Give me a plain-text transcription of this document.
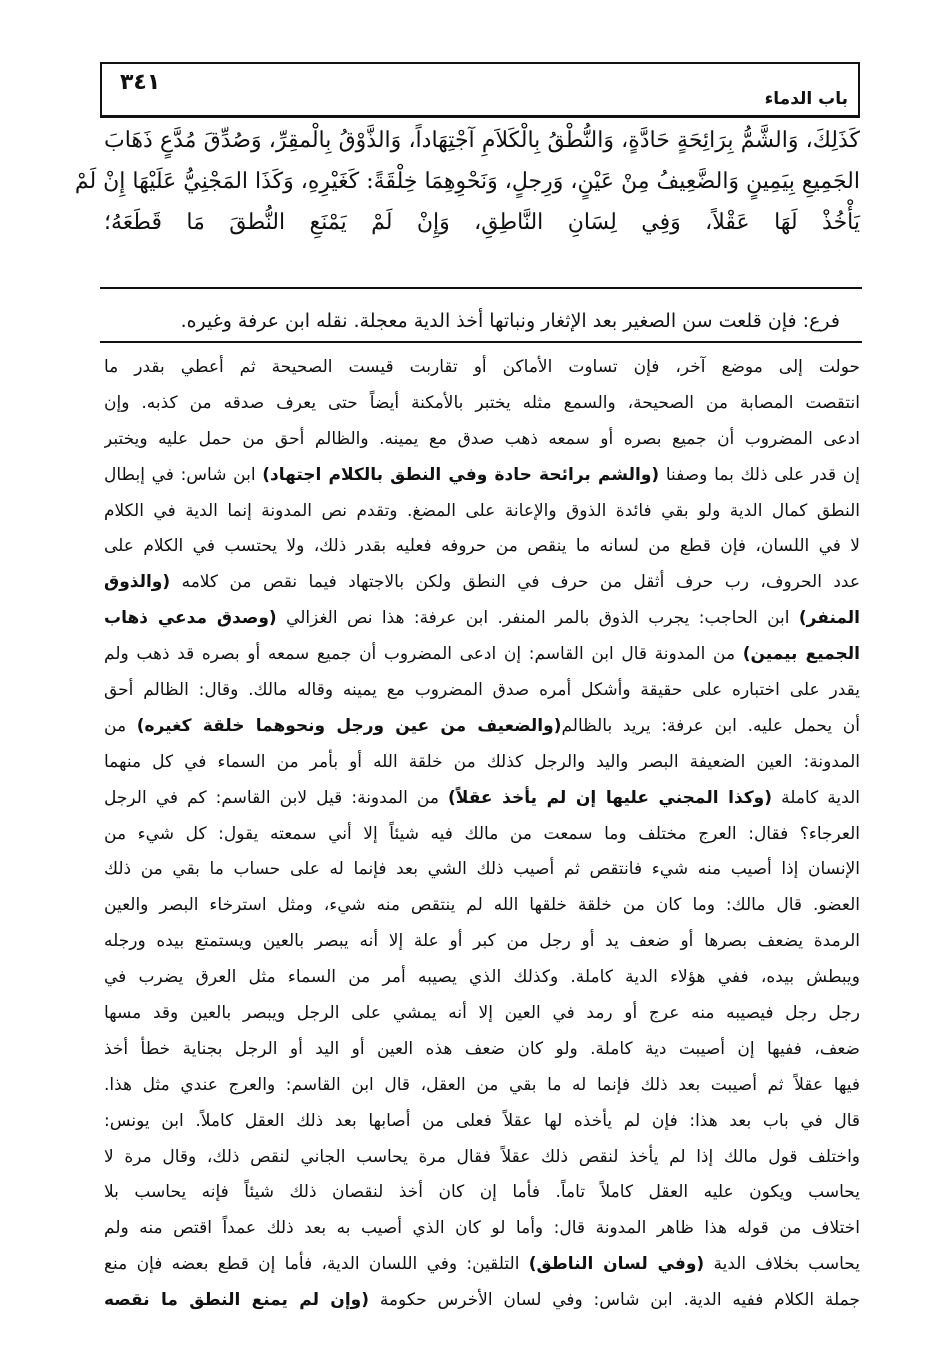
باب الدماء
٣٤١
كَذَلِكَ، وَالشَّمُّ بِرَائِحَةٍ حَادَّةٍ، وَالنُّطْقُ بِالْكَلاَمِ آجْتِهَاداً، وَالذَّوْقُ بِالْمقِرِّ، وَصُدِّقَ مُدَّعٍ ذَهَابَ
الجَمِيعِ بِيَمِينٍ وَالضَّعِيفُ مِنْ عَيْنٍ، وَرِجلٍ، وَنَحْوِهِمَا خِلْقَةً: كَغَيْرِهِ، وَكَذَا المَجْنِيُّ عَلَيْهَا إِنْ لَمْ
يَأْخُذْ لَهَا عَقْلاً، وَفِي لِسَانِ النَّاطِقِ، وَإِنْ لَمْ يَمْنَعِ النُّطقَ مَا قَطَعَهُ؛
فرع: فإن قلعت سن الصغير بعد الإثغار ونباتها أخذ الدية معجلة. نقله ابن عرفة وغيره.
حولت إلى موضع آخر، فإن تساوت الأماكن أو تقاربت قيست الصحيحة ثم أعطي بقدر ما
انتقصت المصابة من الصحيحة، والسمع مثله يختبر بالأمكنة أيضاً حتى يعرف صدقه من كذبه. وإن
ادعى المضروب أن جميع بصره أو سمعه ذهب صدق مع يمينه. والظالم أحق من حمل عليه ويختبر
إن قدر على ذلك بما وصفنا (والشم برائحة حادة وفي النطق بالكلام اجتهاد) ابن شاس: في إبطال
النطق كمال الدية ولو بقي فائدة الذوق والإعانة على المضغ. وتقدم نص المدونة إنما الدية في الكلام
لا في اللسان، فإن قطع من لسانه ما ينقص من حروفه فعليه بقدر ذلك، ولا يحتسب في الكلام على
عدد الحروف، رب حرف أثقل من حرف في النطق ولكن بالاجتهاد فيما نقص من كلامه (والذوق
المنفر) ابن الحاجب: يجرب الذوق بالمر المنفر. ابن عرفة: هذا نص الغزالي (وصدق مدعي ذهاب
الجميع بيمين) من المدونة قال ابن القاسم: إن ادعى المضروب أن جميع سمعه أو بصره قد ذهب ولم
يقدر على اختباره على حقيقة وأشكل أمره صدق المضروب مع يمينه وقاله مالك. وقال: الظالم أحق
أن يحمل عليه. ابن عرفة: يريد بالظالم(والضعيف من عين ورجل ونحوهما خلقة كغيره) من
المدونة: العين الضعيفة البصر واليد والرجل كذلك من خلقة الله أو بأمر من السماء في كل منهما
الدية كاملة (وكذا المجني عليها إن لم يأخذ عقلاً) من المدونة: قيل لابن القاسم: كم في الرجل
العرجاء؟ فقال: العرج مختلف وما سمعت من مالك فيه شيئاً إلا أني سمعته يقول: كل شيء من
الإنسان إذا أصيب منه شيء فانتقص ثم أصيب ذلك الشي بعد فإنما له على حساب ما بقي من ذلك
العضو. قال مالك: وما كان من خلقة خلقها الله لم ينتقص منه شيء، ومثل استرخاء البصر والعين
الرمدة يضعف بصرها أو ضعف يد أو رجل من كبر أو علة إلا أنه يبصر بالعين ويستمتع بيده ورجله
ويبطش بيده، ففي هؤلاء الدية كاملة. وكذلك الذي يصيبه أمر من السماء مثل العرق يضرب في
رجل رجل فيصيبه منه عرج أو رمد في العين إلا أنه يمشي على الرجل ويبصر بالعين وقد مسها
ضعف، ففيها إن أصيبت دية كاملة. ولو كان ضعف هذه العين أو اليد أو الرجل بجناية خطأ أخذ
فيها عقلاً ثم أصيبت بعد ذلك فإنما له ما بقي من العقل، قال ابن القاسم: والعرج عندي مثل هذا.
قال في باب بعد هذا: فإن لم يأخذه لها عقلاً فعلى من أصابها بعد ذلك العقل كاملاً. ابن يونس:
واختلف قول مالك إذا لم يأخذ لنقص ذلك عقلاً فقال مرة يحاسب الجاني لنقص ذلك، وقال مرة لا
يحاسب ويكون عليه العقل كاملاً تاماً. فأما إن كان أخذ لنقصان ذلك شيئاً فإنه يحاسب بلا
اختلاف من قوله هذا ظاهر المدونة قال: وأما لو كان الذي أصيب به بعد ذلك عمداً اقتص منه ولم
يحاسب بخلاف الدية (وفي لسان الناطق) التلقين: وفي اللسان الدية، فأما إن قطع بعضه فإن منع
جملة الكلام ففيه الدية. ابن شاس: وفي لسان الأخرس حكومة (وإن لم يمنع النطق ما نقصه
